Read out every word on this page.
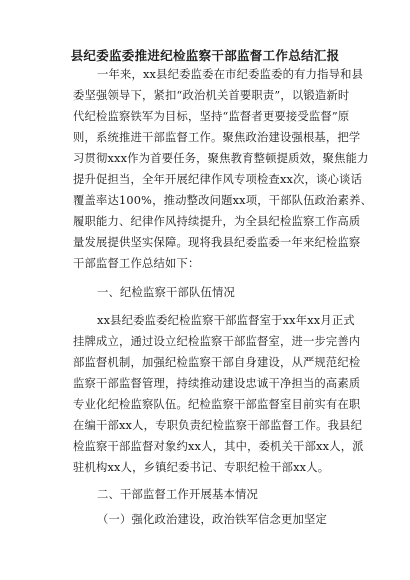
县纪委监委推进纪检监察干部监督工作总结汇报
一年来，xx县纪委监委在市纪委监委的有力指导和县
委坚强领导下，紧扣“政治机关首要职责”，以锻造新时
代纪检监察铁军为目标，坚持“监督者更要接受监督”原
则，系统推进干部监督工作。聚焦政治建设强根基，把学
习贯彻xxx作为首要任务，聚焦教育整顿提质效，聚焦能力
提升促担当，全年开展纪律作风专项检查xx次，谈心谈话
覆盖率达100%，推动整改问题xx项，干部队伍政治素养、
履职能力、纪律作风持续提升，为全县纪检监察工作高质
量发展提供坚实保障。现将我县纪委监委一年来纪检监察
干部监督工作总结如下：
一、纪检监察干部队伍情况
xx县纪委监委纪检监察干部监督室于xx年xx月正式
挂牌成立，通过设立纪检监察干部监督室，进一步完善内
部监督机制，加强纪检监察干部自身建设，从严规范纪检
监察干部监督管理，持续推动建设忠诚干净担当的高素质
专业化纪检监察队伍。纪检监察干部监督室目前实有在职
在编干部xx人，专职负责纪检监察干部监督工作。我县纪
检监察干部监督对象约xx人，其中，委机关干部xx人，派
驻机构xx人，乡镇纪委书记、专职纪检干部xx人。
二、干部监督工作开展基本情况
（一）强化政治建设，政治铁军信念更加坚定
